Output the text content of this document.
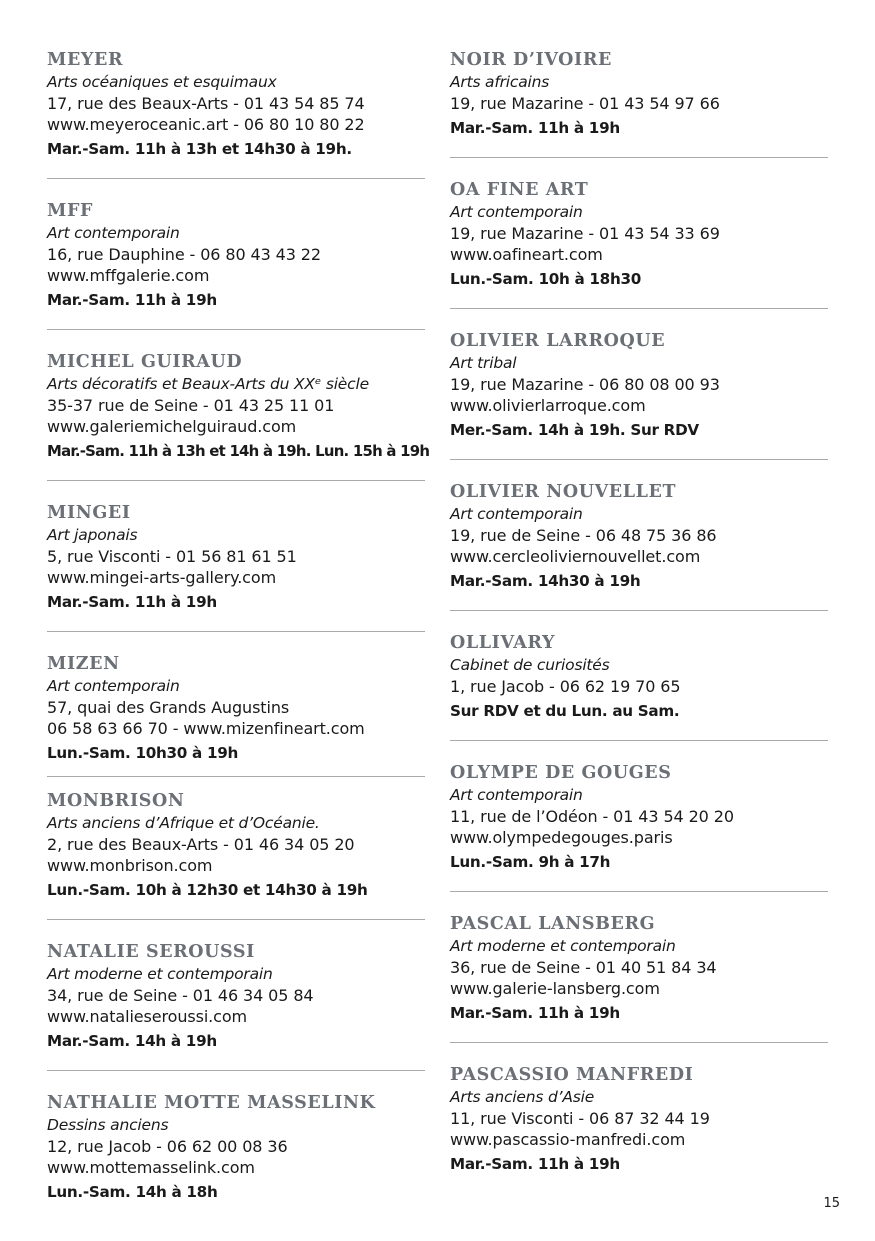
MEYER
Arts océaniques et esquimaux
17, rue des Beaux-Arts - 01 43 54 85 74
www.meyeroceanic.art - 06 80 10 80 22
Mar.-Sam. 11h à 13h et 14h30 à 19h.
MFF
Art contemporain
16, rue Dauphine - 06 80 43 43 22
www.mffgalerie.com
Mar.-Sam. 11h à 19h
MICHEL GUIRAUD
Arts décoratifs et Beaux-Arts du XXᵉ siècle
35-37 rue de Seine - 01 43 25 11 01
www.galeriemichelguiraud.com
Mar.-Sam. 11h à 13h et 14h à 19h. Lun. 15h à 19h
MINGEI
Art japonais
5, rue Visconti - 01 56 81 61 51
www.mingei-arts-gallery.com
Mar.-Sam. 11h à 19h
MIZEN
Art contemporain
57, quai des Grands Augustins
06 58 63 66 70 - www.mizenfineart.com
Lun.-Sam. 10h30 à 19h
MONBRISON
Arts anciens d’Afrique et d’Océanie.
2, rue des Beaux-Arts - 01 46 34 05 20
www.monbrison.com
Lun.-Sam. 10h à 12h30 et 14h30 à 19h
NATALIE SEROUSSI
Art moderne et contemporain
34, rue de Seine - 01 46 34 05 84
www.natalieseroussi.com
Mar.-Sam. 14h à 19h
NATHALIE MOTTE MASSELINK
Dessins anciens
12, rue Jacob - 06 62 00 08 36
www.mottemasselink.com
Lun.-Sam. 14h à 18h
NOIR D’IVOIRE
Arts africains
19, rue Mazarine - 01 43 54 97 66
Mar.-Sam. 11h à 19h
OA FINE ART
Art contemporain
19, rue Mazarine - 01 43 54 33 69
www.oafineart.com
Lun.-Sam. 10h à 18h30
OLIVIER LARROQUE
Art tribal
19, rue Mazarine - 06 80 08 00 93
www.olivierlarroque.com
Mer.-Sam. 14h à 19h. Sur RDV
OLIVIER NOUVELLET
Art contemporain
19, rue de Seine - 06 48 75 36 86
www.cercleoliviernouvellet.com
Mar.-Sam. 14h30 à 19h
OLLIVARY
Cabinet de curiosités
1, rue Jacob - 06 62 19 70 65
Sur RDV et du Lun. au Sam.
OLYMPE DE GOUGES
Art contemporain
11, rue de l’Odéon - 01 43 54 20 20
www.olympedegouges.paris
Lun.-Sam. 9h à 17h
PASCAL LANSBERG
Art moderne et contemporain
36, rue de Seine - 01 40 51 84 34
www.galerie-lansberg.com
Mar.-Sam. 11h à 19h
PASCASSIO MANFREDI
Arts anciens d’Asie
11, rue Visconti - 06 87 32 44 19
www.pascassio-manfredi.com
Mar.-Sam. 11h à 19h
15
